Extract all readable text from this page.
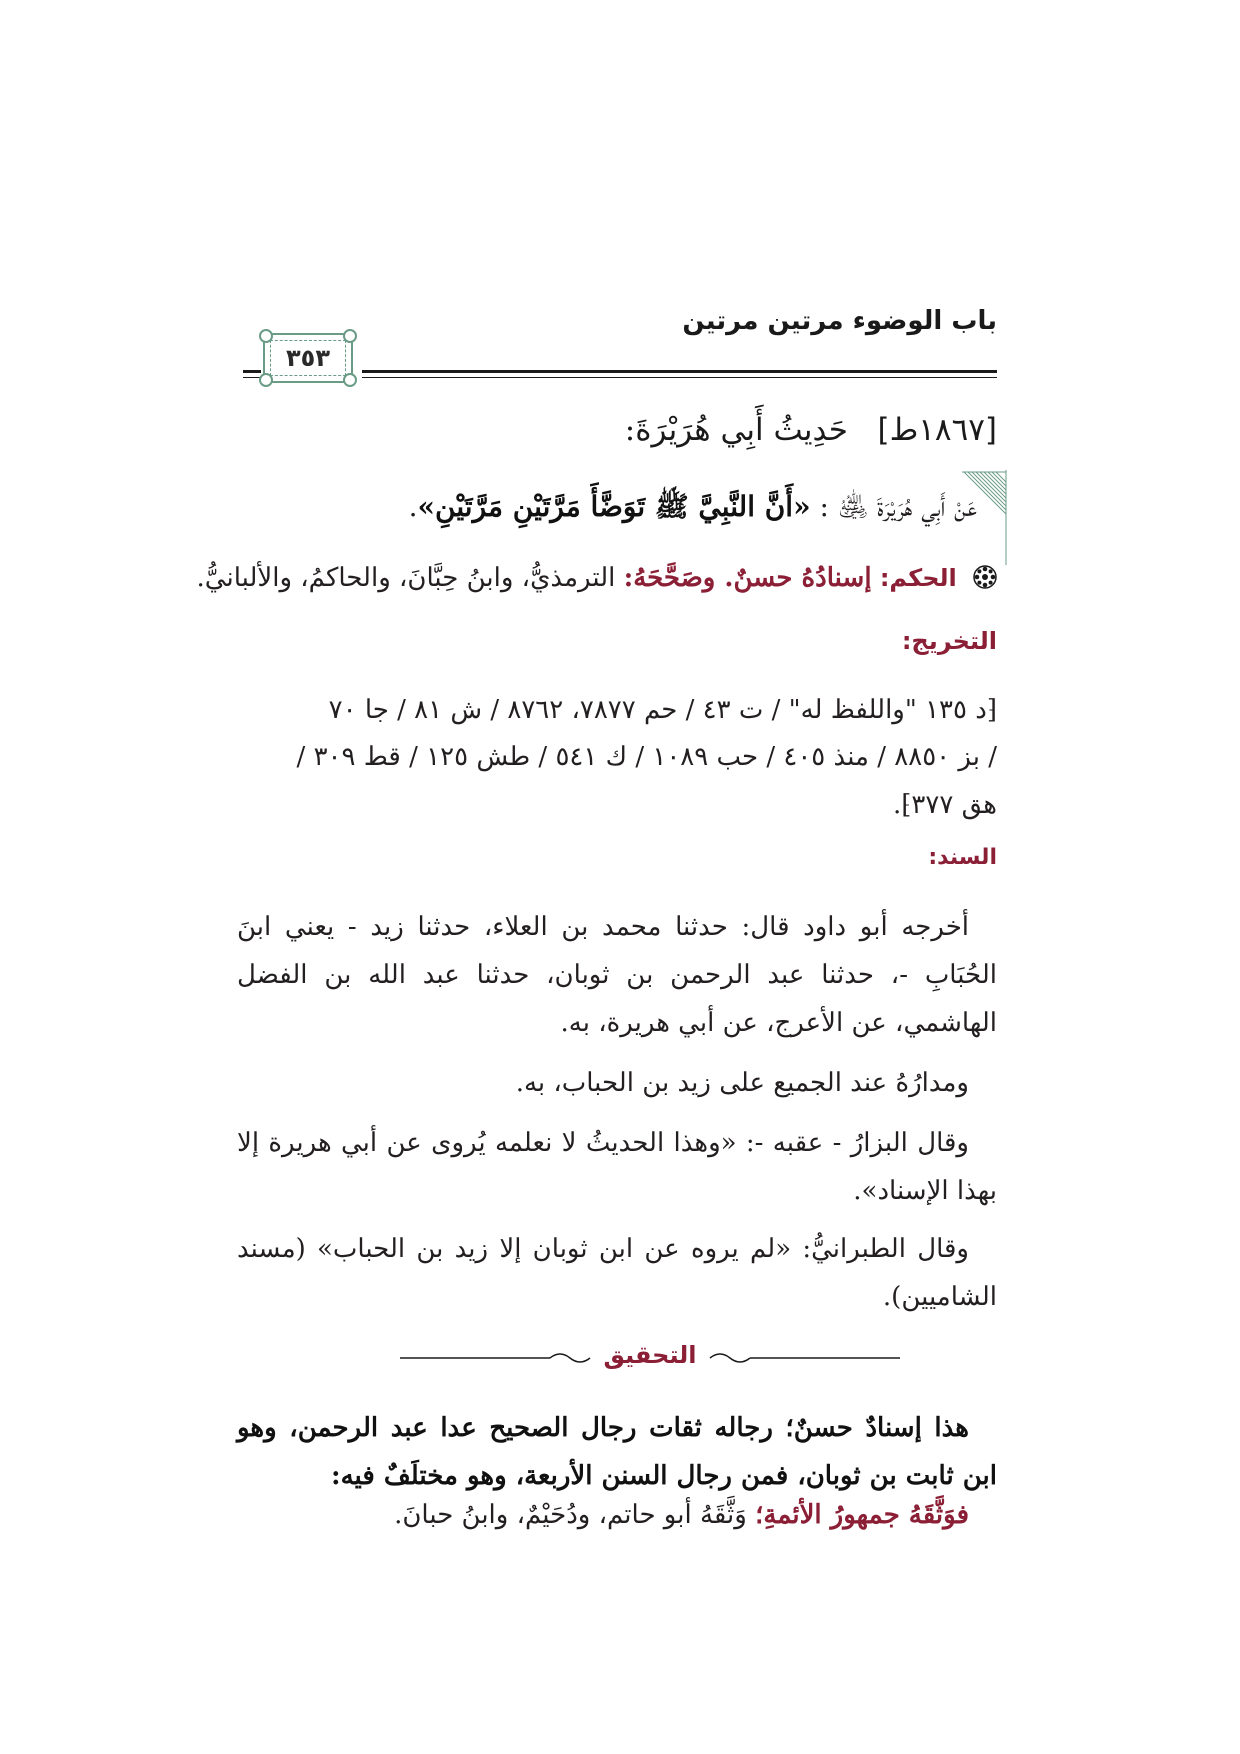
باب الوضوء مرتين مرتين
٣٥٣
[١٨٦٧ط]   حَدِيثُ أَبِي هُرَيْرَةَ:
عَنْ أَبِي هُرَيْرَةَ ﵁ : «أَنَّ النَّبِيَّ ﷺ تَوَضَّأَ مَرَّتَيْنِ مَرَّتَيْنِ».
الحكم: إسنادُهُ حسنٌ. وصَحَّحَهُ: الترمذيُّ، وابنُ حِبَّانَ، والحاكمُ، والألبانيُّ.
التخريج:
⁅د ١٣٥ "واللفظ له" / ت ٤٣ / حم ٧٨٧٧، ٨٧٦٢ / ش ٨١ / جا ٧٠
/ بز ٨٨٥٠ / منذ ٤٠٥ / حب ١٠٨٩ / ك ٥٤١ / طش ١٢٥ / قط ٣٠٩ /
هق ٣٧٧⁆.
السند:
أخرجه أبو داود قال: حدثنا محمد بن العلاء، حدثنا زيد - يعني ابنَ الحُبَابِ -، حدثنا عبد الرحمن بن ثوبان، حدثنا عبد الله بن الفضل الهاشمي، عن الأعرج، عن أبي هريرة، به.
ومدارُهُ عند الجميع على زيد بن الحباب، به.
وقال البزارُ - عقبه -: «وهذا الحديثُ لا نعلمه يُروى عن أبي هريرة إلا بهذا الإسناد».
وقال الطبرانيُّ: «لم يروه عن ابن ثوبان إلا زيد بن الحباب» (مسند الشاميين).
التحقيق
هذا إسنادٌ حسنٌ؛ رجاله ثقات رجال الصحيح عدا عبد الرحمن، وهو ابن ثابت بن ثوبان، فمن رجال السنن الأربعة، وهو مختلَفٌ فيه:
فوَثَّقَهُ جمهورُ الأئمةِ؛ وَثَّقَهُ أبو حاتم، ودُحَيْمٌ، وابنُ حبانَ.
